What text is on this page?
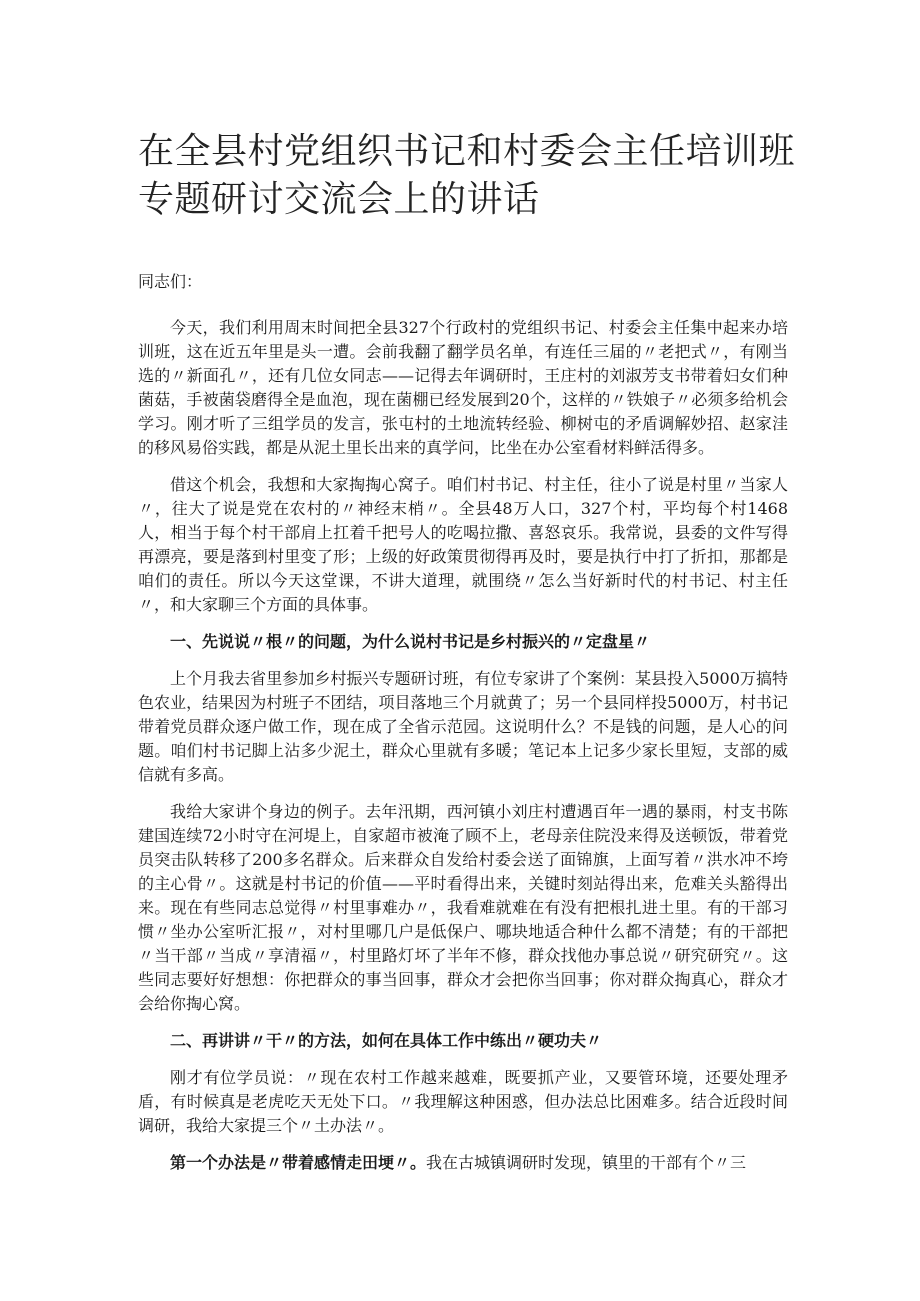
在全县村党组织书记和村委会主任培训班专题研讨交流会上的讲话

同志们：

今天，我们利用周末时间把全县327个行政村的党组织书记、村委会主任集中起来办培训班，这在近五年里是头一遭。会前我翻了翻学员名单，有连任三届的〃老把式〃，有刚当选的〃新面孔〃，还有几位女同志——记得去年调研时，王庄村的刘淑芳支书带着妇女们种菌菇，手被菌袋磨得全是血泡，现在菌棚已经发展到20个，这样的〃铁娘子〃必须多给机会学习。刚才听了三组学员的发言，张屯村的土地流转经验、柳树屯的矛盾调解妙招、赵家洼的移风易俗实践，都是从泥土里长出来的真学问，比坐在办公室看材料鲜活得多。

借这个机会，我想和大家掏掏心窝子。咱们村书记、村主任，往小了说是村里〃当家人〃，往大了说是党在农村的〃神经末梢〃。全县48万人口，327个村，平均每个村1468人，相当于每个村干部肩上扛着千把号人的吃喝拉撒、喜怒哀乐。我常说，县委的文件写得再漂亮，要是落到村里变了形；上级的好政策贯彻得再及时，要是执行中打了折扣，那都是咱们的责任。所以今天这堂课，不讲大道理，就围绕〃怎么当好新时代的村书记、村主任〃，和大家聊三个方面的具体事。

一、先说说〃根〃的问题，为什么说村书记是乡村振兴的〃定盘星〃

上个月我去省里参加乡村振兴专题研讨班，有位专家讲了个案例：某县投入5000万搞特色农业，结果因为村班子不团结，项目落地三个月就黄了；另一个县同样投5000万，村书记带着党员群众逐户做工作，现在成了全省示范园。这说明什么？不是钱的问题，是人心的问题。咱们村书记脚上沾多少泥土，群众心里就有多暖；笔记本上记多少家长里短，支部的威信就有多高。

我给大家讲个身边的例子。去年汛期，西河镇小刘庄村遭遇百年一遇的暴雨，村支书陈建国连续72小时守在河堤上，自家超市被淹了顾不上，老母亲住院没来得及送顿饭，带着党员突击队转移了200多名群众。后来群众自发给村委会送了面锦旗，上面写着〃洪水冲不垮的主心骨〃。这就是村书记的价值——平时看得出来，关键时刻站得出来，危难关头豁得出来。现在有些同志总觉得〃村里事难办〃，我看难就难在有没有把根扎进土里。有的干部习惯〃坐办公室听汇报〃，对村里哪几户是低保户、哪块地适合种什么都不清楚；有的干部把〃当干部〃当成〃享清福〃，村里路灯坏了半年不修，群众找他办事总说〃研究研究〃。这些同志要好好想想：你把群众的事当回事，群众才会把你当回事；你对群众掏真心，群众才会给你掏心窝。

二、再讲讲〃干〃的方法，如何在具体工作中练出〃硬功夫〃

刚才有位学员说：〃现在农村工作越来越难，既要抓产业，又要管环境，还要处理矛盾，有时候真是老虎吃天无处下口。〃我理解这种困惑，但办法总比困难多。结合近段时间调研，我给大家提三个〃土办法〃。

第一个办法是〃带着感情走田埂〃。我在古城镇调研时发现，镇里的干部有个〃三
